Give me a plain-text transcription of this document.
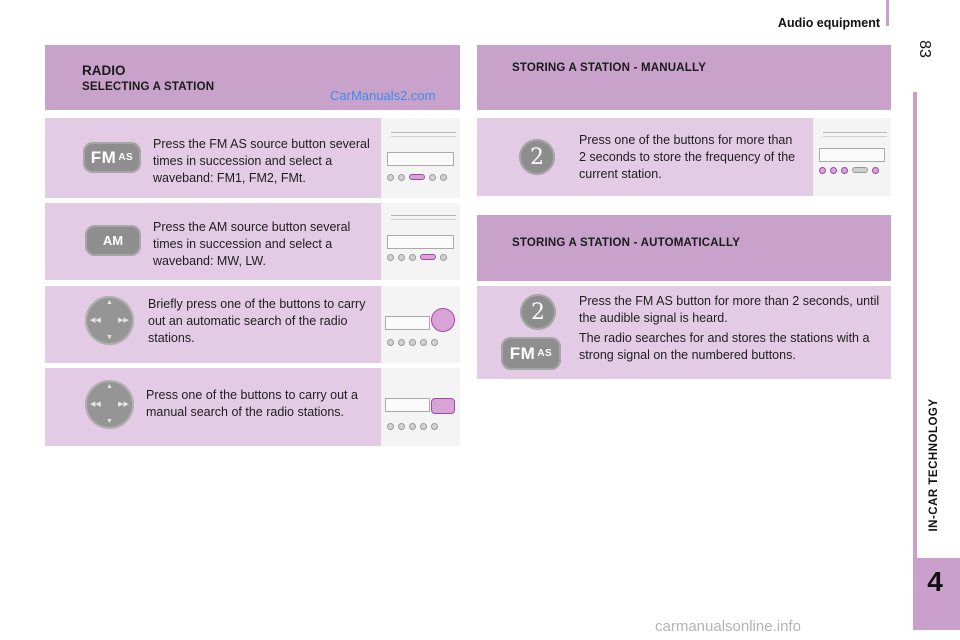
Audio equipment
83
IN-CAR TECHNOLOGY
4
RADIO
SELECTING A STATION
CarManuals2.com
FM AS
Press the FM AS source button several times in succession and select a waveband: FM1, FM2, FMt.
AM
Press the AM source button several times in succession and select a waveband: MW, LW.
▲
▼
◀◀ ▶▶
Briefly press one of the buttons to carry out an automatic search of the radio stations.
▲
▼
◀◀ ▶▶
Press one of the buttons to carry out a manual search of the radio stations.
STORING A STATION - MANUALLY
2
Press one of the buttons for more than 2 seconds to store the frequency of the current station.
STORING A STATION - AUTOMATICALLY
2
FM AS
Press the FM AS button for more than 2 seconds, until the audible signal is heard.
The radio searches for and stores the stations with a strong signal on the numbered buttons.
carmanualsonline.info
